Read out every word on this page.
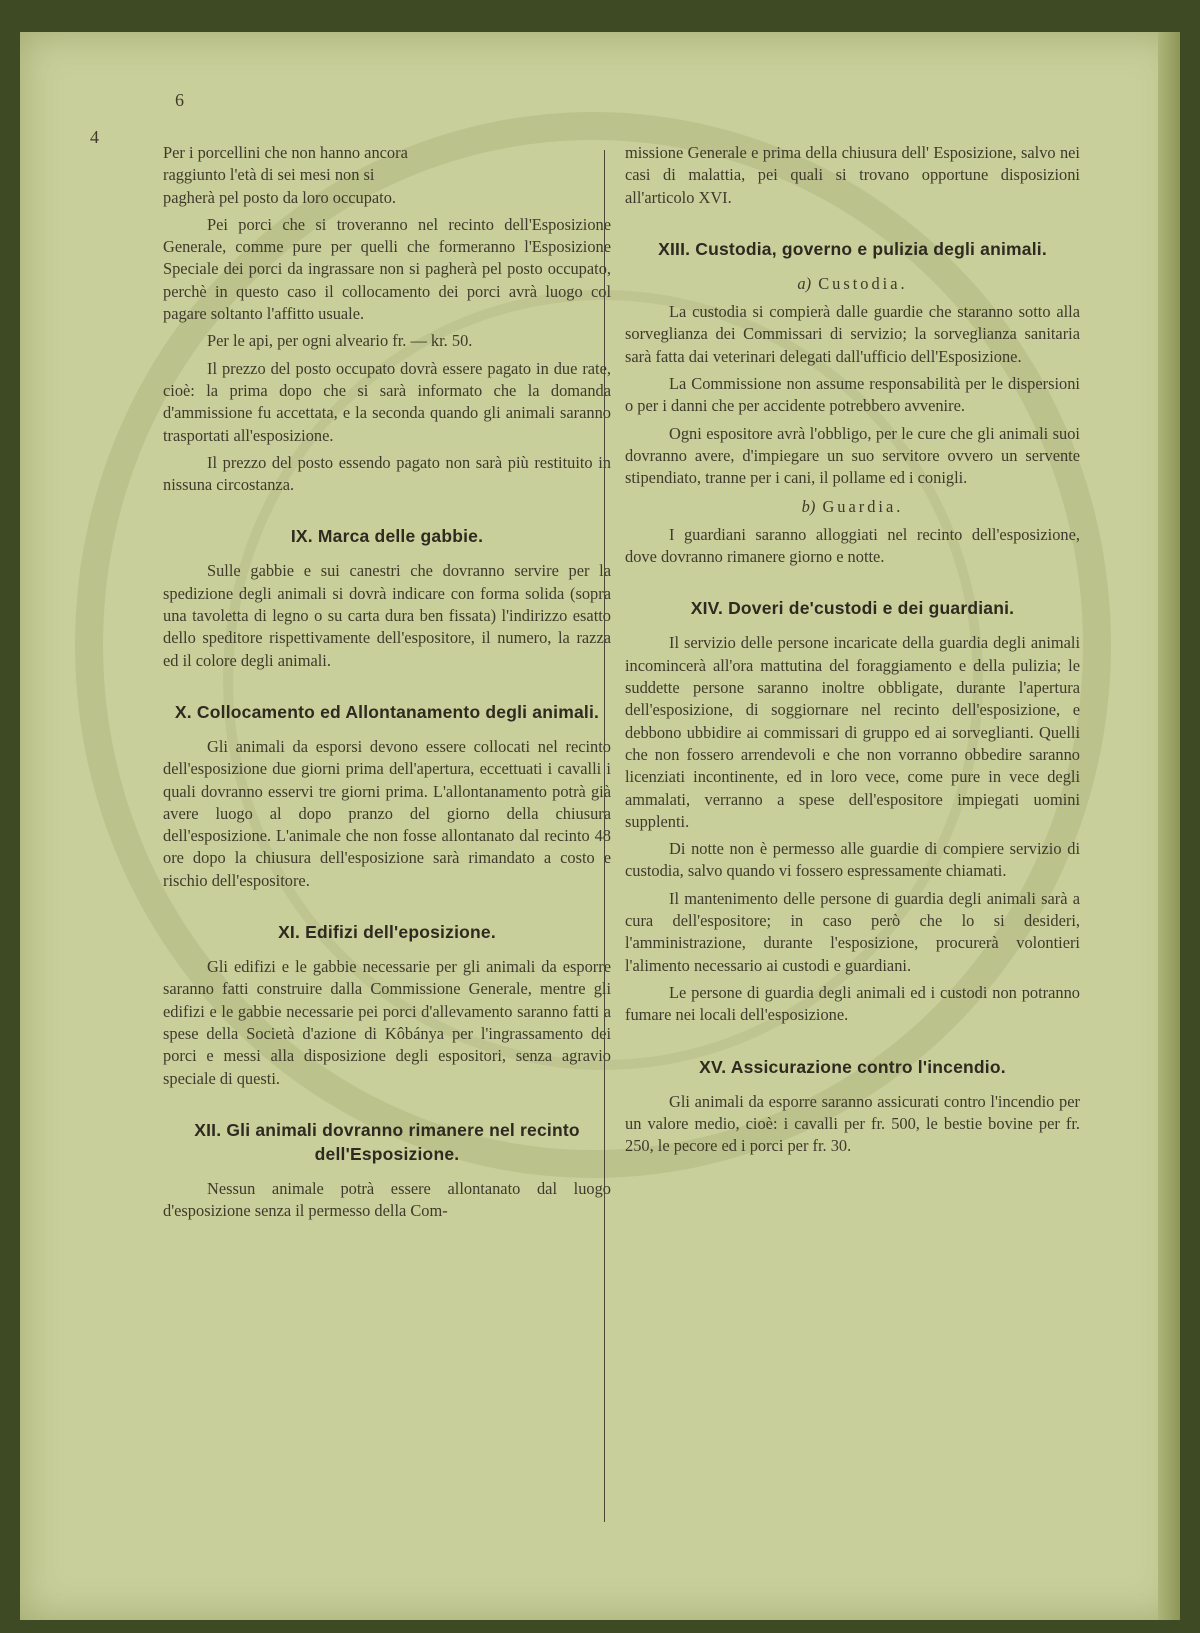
6
4

Per i porcellini che non hanno ancora raggiunto l'età di sei mesi non si pagherà pel posto da loro occupato.

Pei porci che si troveranno nel recinto dell'Esposizione Generale, comme pure per quelli che formeranno l'Esposizione Speciale dei porci da ingrassare non si pagherà pel posto occupato, perchè in questo caso il collocamento dei porci avrà luogo col pagare soltanto l'affitto usuale.

Per le api, per ogni alveario fr. — kr. 50.

Il prezzo del posto occupato dovrà essere pagato in due rate, cioè: la prima dopo che si sarà informato che la domanda d'ammissione fu accettata, e la seconda quando gli animali saranno trasportati all'esposizione.

Il prezzo del posto essendo pagato non sarà più restituito in nissuna circostanza.

IX. Marca delle gabbie.

Sulle gabbie e sui canestri che dovranno servire per la spedizione degli animali si dovrà indicare con forma solida (sopra una tavoletta di legno o su carta dura ben fissata) l'indirizzo esatto dello speditore rispettivamente dell'espositore, il numero, la razza ed il colore degli animali.

X. Collocamento ed Allontanamento degli animali.

Gli animali da esporsi devono essere collocati nel recinto dell'esposizione due giorni prima dell'apertura, eccettuati i cavalli i quali dovranno esservi tre giorni prima. L'allontanamento potrà già avere luogo al dopo pranzo del giorno della chiusura dell'esposizione. L'animale che non fosse allontanato dal recinto 48 ore dopo la chiusura dell'esposizione sarà rimandato a costo e rischio dell'espositore.

XI. Edifizi dell'eposizione.

Gli edifizi e le gabbie necessarie per gli animali da esporre saranno fatti construire dalla Commissione Generale, mentre gli edifizi e le gabbie necessarie pei porci d'allevamento saranno fatti a spese della Società d'azione di Kôbánya per l'ingrassamento dei porci e messi alla disposizione degli espositori, senza agravio speciale di questi.

XII. Gli animali dovranno rimanere nel recinto dell'Esposizione.

Nessun animale potrà essere allontanato dal luogo d'esposizione senza il permesso della Com-

missione Generale e prima della chiusura dell' Esposizione, salvo nei casi di malattia, pei quali si trovano opportune disposizioni all'articolo XVI.

XIII. Custodia, governo e pulizia degli animali.
a) Custodia.

La custodia si compierà dalle guardie che staranno sotto alla sorveglianza dei Commissari di servizio; la sorveglianza sanitaria sarà fatta dai veterinari delegati dall'ufficio dell'Esposizione.

La Commissione non assume responsabilità per le dispersioni o per i danni che per accidente potrebbero avvenire.

Ogni espositore avrà l'obbligo, per le cure che gli animali suoi dovranno avere, d'impiegare un suo servitore ovvero un servente stipendiato, tranne per i cani, il pollame ed i conigli.

b) Guardia.

I guardiani saranno alloggiati nel recinto dell'esposizione, dove dovranno rimanere giorno e notte.

XIV. Doveri de'custodi e dei guardiani.

Il servizio delle persone incaricate della guardia degli animali incomincerà all'ora mattutina del foraggiamento e della pulizia; le suddette persone saranno inoltre obbligate, durante l'apertura dell'esposizione, di soggiornare nel recinto dell'esposizione, e debbono ubbidire ai commissari di gruppo ed ai sorveglianti. Quelli che non fossero arrendevoli e che non vorranno obbedire saranno licenziati incontinente, ed in loro vece, come pure in vece degli ammalati, verranno a spese dell'espositore impiegati uomini supplenti.

Di notte non è permesso alle guardie di compiere servizio di custodia, salvo quando vi fossero espressamente chiamati.

Il mantenimento delle persone di guardia degli animali sarà a cura dell'espositore; in caso però che lo si desideri, l'amministrazione, durante l'esposizione, procurerà volontieri l'alimento necessario ai custodi e guardiani.

Le persone di guardia degli animali ed i custodi non potranno fumare nei locali dell'esposizione.

XV. Assicurazione contro l'incendio.

Gli animali da esporre saranno assicurati contro l'incendio per un valore medio, cioè: i cavalli per fr. 500, le bestie bovine per fr. 250, le pecore ed i porci per fr. 30.
